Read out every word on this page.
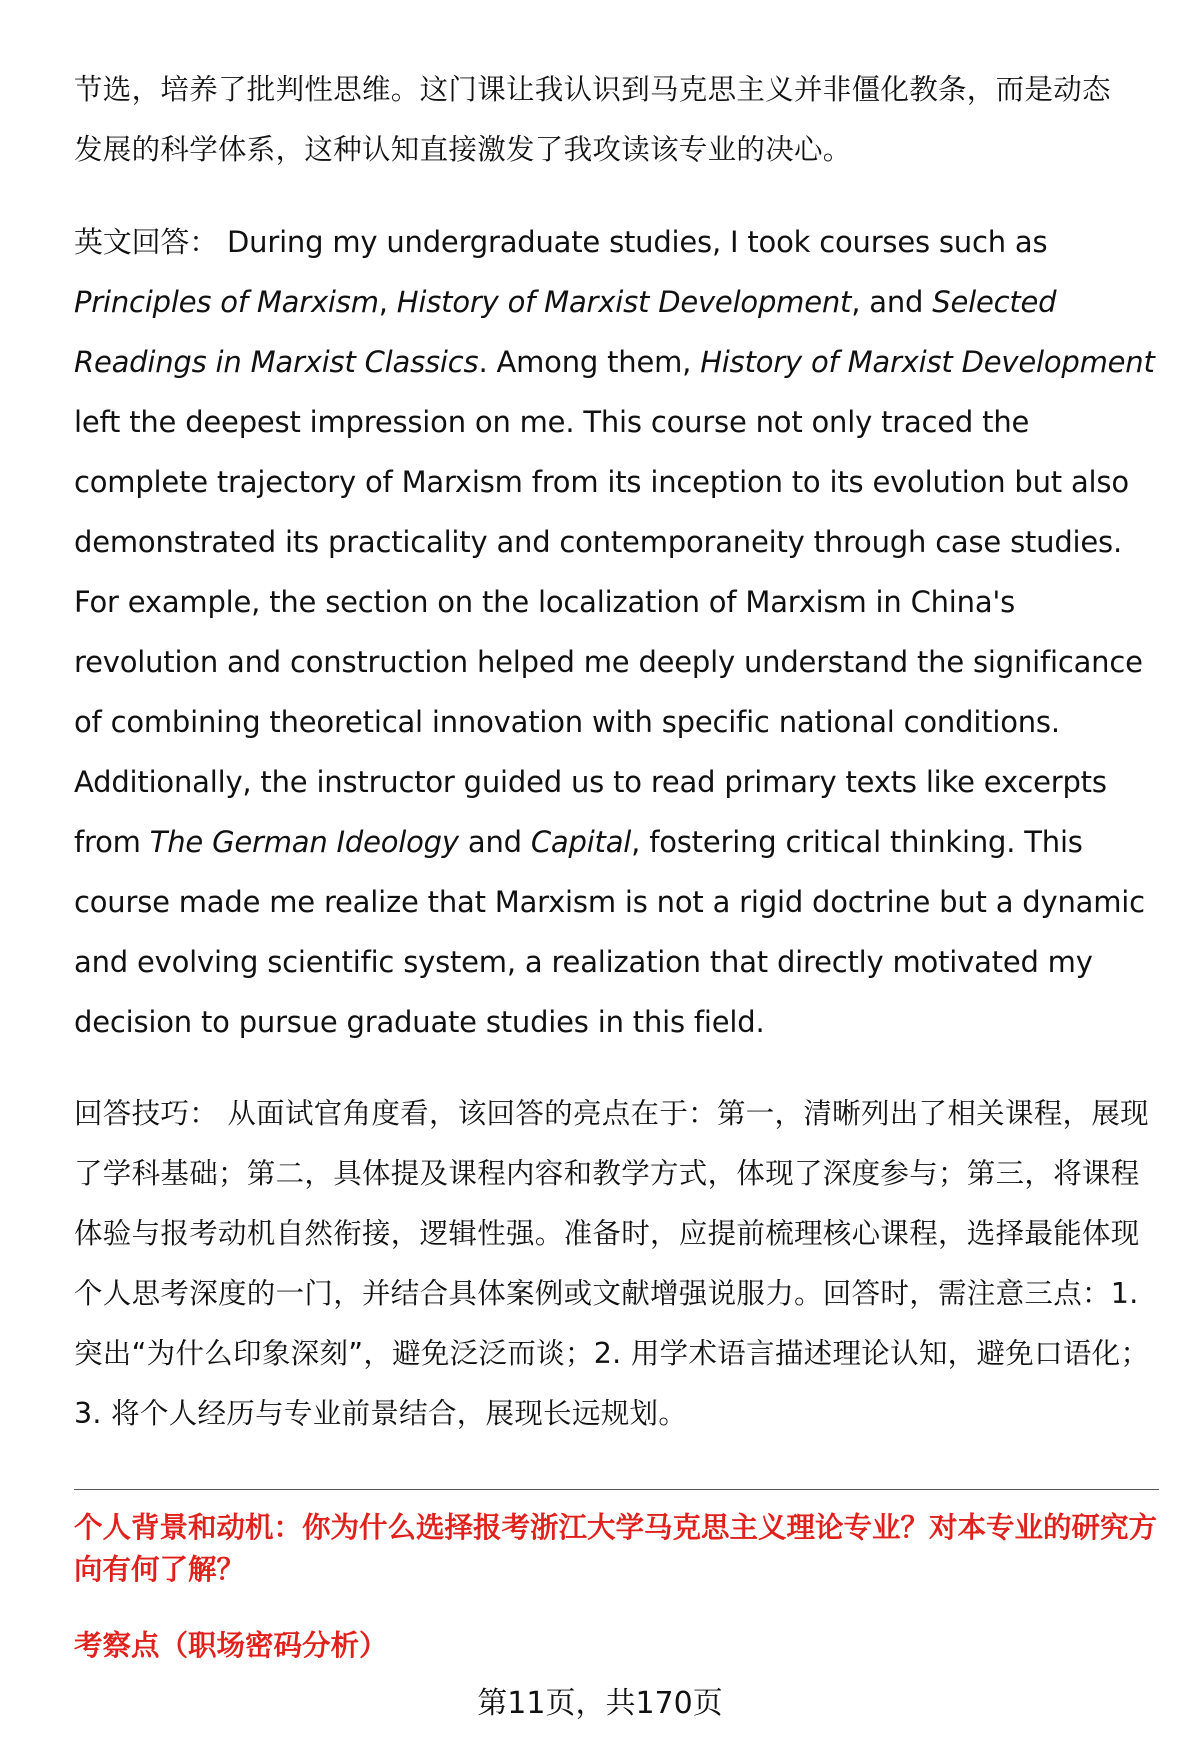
节选，培养了批判性思维。这门课让我认识到马克思主义并非僵化教条，而是动态
发展的科学体系，这种认知直接激发了我攻读该专业的决心。

英文回答： During my undergraduate studies, I took courses such as Principles of Marxism, History of Marxist Development, and Selected Readings in Marxist Classics. Among them, History of Marxist Development left the deepest impression on me. This course not only traced the complete trajectory of Marxism from its inception to its evolution but also demonstrated its practicality and contemporaneity through case studies. For example, the section on the localization of Marxism in China's revolution and construction helped me deeply understand the significance of combining theoretical innovation with specific national conditions. Additionally, the instructor guided us to read primary texts like excerpts from The German Ideology and Capital, fostering critical thinking. This course made me realize that Marxism is not a rigid doctrine but a dynamic and evolving scientific system, a realization that directly motivated my decision to pursue graduate studies in this field.

回答技巧： 从面试官角度看，该回答的亮点在于：第一，清晰列出了相关课程，展现了学科基础；第二，具体提及课程内容和教学方式，体现了深度参与；第三，将课程体验与报考动机自然衔接，逻辑性强。准备时，应提前梳理核心课程，选择最能体现个人思考深度的一门，并结合具体案例或文献增强说服力。回答时，需注意三点：1. 突出“为什么印象深刻”，避免泛泛而谈；2. 用学术语言描述理论认知，避免口语化；3. 将个人经历与专业前景结合，展现长远规划。

个人背景和动机：你为什么选择报考浙江大学马克思主义理论专业？对本专业的研究方向有何了解？

考察点（职场密码分析）

第11页，共170页
